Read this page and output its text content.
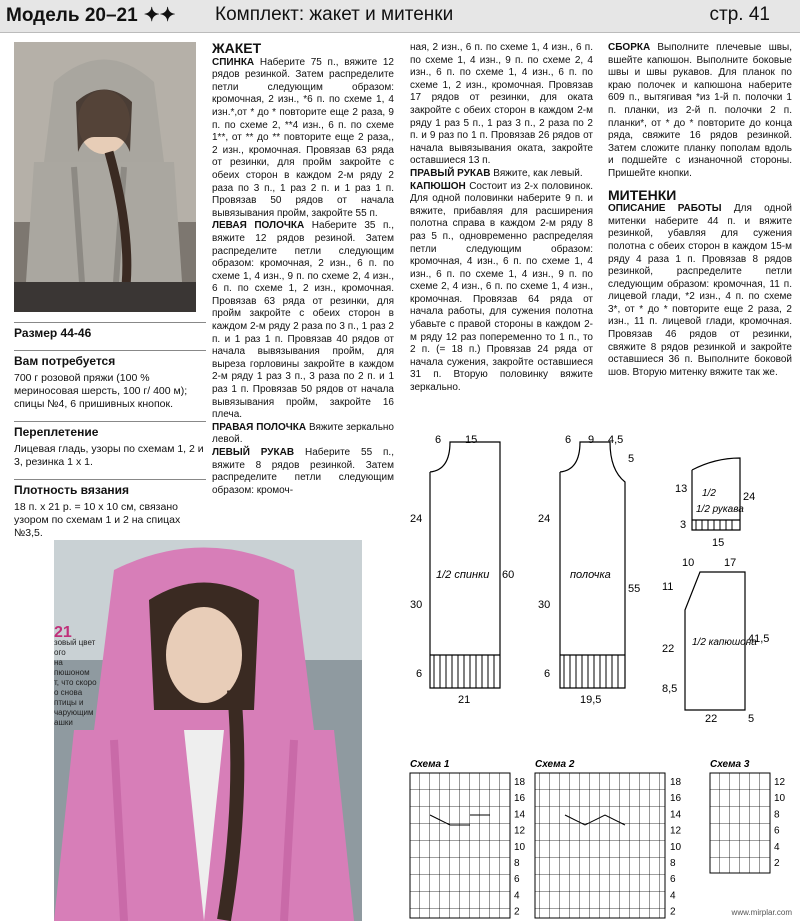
Модель 20–21 ✦✦ Комплект: жакет и митенки	стр. 41
Размер 44-46
Вам потребуется

700 г розовой пряжи (100 % мериносовая шерсть, 100 г/ 400 м); спицы №4, 6 пришивных кнопок.

Переплетение

Лицевая гладь, узоры по схемам 1, 2 и 3, резинка 1 х 1.

Плотность вязания

18 п. х 21 р. = 10 х 10 см, связано узором по схемам 1 и 2 на спицах №3,5.

ЖАКЕТ

СПИНКА Наберите 75 п., вяжите 12 рядов резинкой. Затем распределите петли следующим образом: кромочная, 2 изн., *6 п. по схеме 1, 4 изн.*,от * до * повторите еще 2 раза, 9 п. по схеме 2, **4 изн., 6 п. по схеме 1**, от ** до ** повторите еще 2 раза,, 2 изн., кромочная. Провязав 63 ряда от резинки, для пройм закройте с обеих сторон в каждом 2-м ряду 2 раза по 3 п., 1 раз 2 п. и 1 раз 1 п. Провязав 50 рядов от начала вывязывания пройм, закройте 55 п.

ЛЕВАЯ ПОЛОЧКА Наберите 35 п., вяжите 12 рядов резиной. Затем распределите петли следующим образом: кромочная, 2 изн., 6 п. по схеме 1, 4 изн., 9 п. по схеме 2, 4 изн., 6 п. по схеме 1, 2 изн., кромочная. Провязав 63 ряда от резинки, для пройм закройте с обеих сторон в каждом 2-м ряду 2 раза по 3 п., 1 раз 2 п. и 1 раз 1 п. Провязав 40 рядов от начала вывязывания пройм, для выреза горловины закройте в каждом 2-м ряду 1 раз 3 п., 3 раза по 2 п. и 1 раз 1 п. Провязав 50 рядов от начала вывязывания пройм, закройте 16 плеча.

ПРАВАЯ ПОЛОЧКА Вяжите зеркально левой.

ЛЕВЫЙ РУКАВ Наберите 55 п., вяжите 8 рядов резинкой. Затем распределите петли следующим образом: кромоч-

ная, 2 изн., 6 п. по схеме 1, 4 изн., 6 п. по схеме 1, 4 изн., 9 п. по схеме 2, 4 изн., 6 п. по схеме 1, 4 изн., 6 п. по схеме 1, 2 изн., кромочная. Провязав 17 рядов от резинки, для оката закройте с обеих сторон в каждом 2-м ряду 1 раз 5 п., 1 раз 3 п., 2 раза по 2 п. и 9 раз по 1 п. Провязав 26 рядов от начала вывязывания оката, закройте оставшиеся 13 п.

ПРАВЫЙ РУКАВ Вяжите, как левый.

КАПЮШОН Состоит из 2-х половинок. Для одной половинки наберите 9 п. и вяжите, прибавляя для расширения полотна справа в каждом 2-м ряду 8 раз 5 п., одновременно распределяя петли следующим образом: кромочная, 4 изн., 6 п. по схеме 1, 4 изн., 6 п. по схеме 1, 4 изн., 9 п. по схеме 2, 4 изн., 6 п. по схеме 1, 4 изн., кромочная. Провязав 64 ряда от начала работы, для сужения полотна убавьте с правой стороны в каждом 2-м ряду 12 раз попеременно то 1 п., то 2 п. (= 18 п.) Провязав 24 ряда от начала сужения, закройте оставшиеся 31 п. Вторую половинку вяжите зеркально.

СБОРКА Выполните плечевые швы, вшейте капюшон. Выполните боковые швы и швы рукавов. Для планок по краю полочек и капюшона наберите 609 п., вытягивая *из 1-й п. полочки 1 п. планки, из 2-й п. полочки 2 п. планки*, от * до * повторите до конца ряда, свяжите 16 рядов резинкой. Затем сложите планку пополам вдоль и подшейте с изнаночной стороны. Пришейте кнопки.

МИТЕНКИ

ОПИСАНИЕ РАБОТЫ Для одной митенки наберите 44 п. и вяжите резинкой, убавляя для сужения полотна с обеих сторон в каждом 15-м ряду 4 раза 1 п. Провязав 8 рядов резинкой, распределите петли следующим образом: кромочная, 11 п. лицевой глади, *2 изн., 4 п. по схеме 3*, от * до * повторите еще 2 раза, 2 изн., 11 п. лицевой глади, кромочная. Провязав 46 рядов от резинки, свяжите 8 рядов резинкой и закройте оставшиеся 36 п. Выполните боковой шов. Вторую митенку вяжите так же.

1/2 спинки
6 15
24
30
60
6
21
полочка
6 9 4,5
5
24
30
55
6
19,5
1/2
1/2 рукава
13
3
24
15
1/2 капюшона
10	17
11
22
8,5
41,5
22	5
Схема 1	Схема 2	Схема 3
18
16
14
12
10
8
6
4
2
18
16
14
12
10
8
6
4
2
12
10
8
6
4
2
21
зовый цвет
ого
на
пюшоном
т, что скоро
о снова
птицы и
чарующим
ашки
www.mirplar.com
